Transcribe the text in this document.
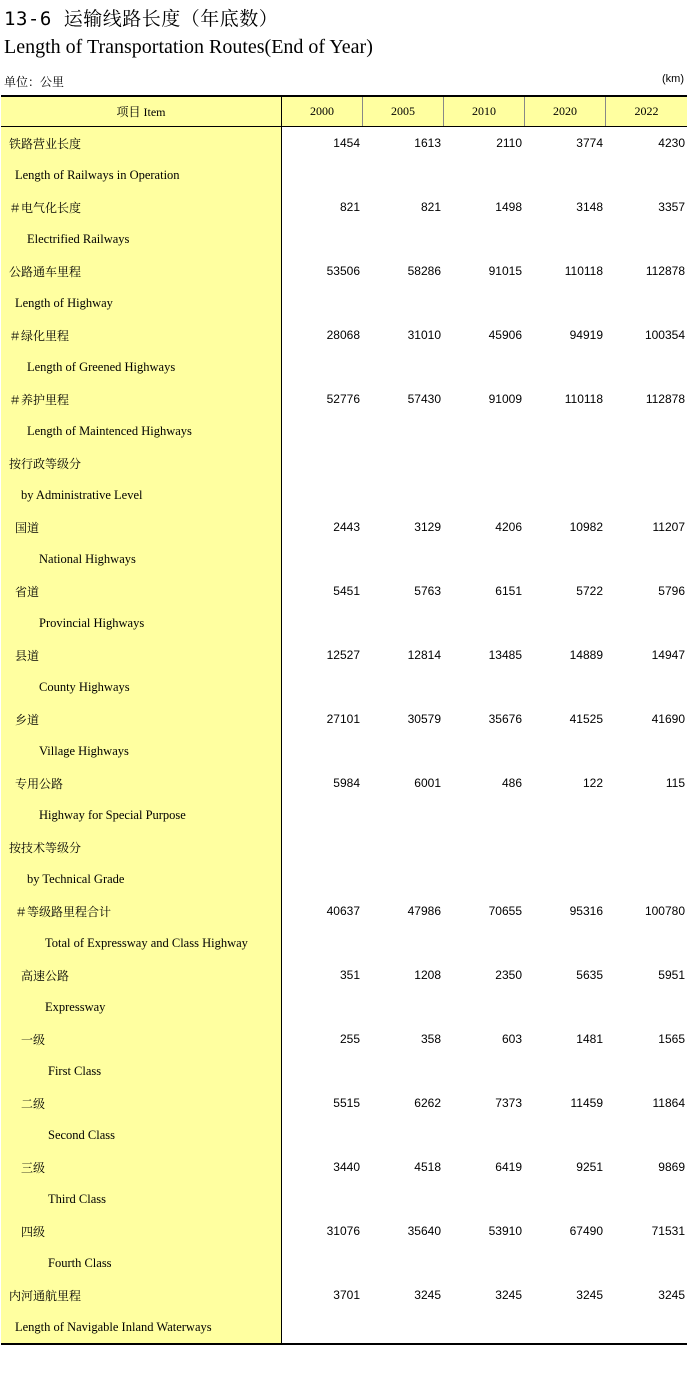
13-6 运输线路长度（年底数）
Length of Transportation Routes(End of Year)
单位：公里	(km)
项目 Item	2000	2005	2010	2020	2022
铁路营业长度	1454	1613	2110	3774	4230
Length of Railways in Operation
＃电气化长度	821	821	1498	3148	3357
Electrified Railways
公路通车里程	53506	58286	91015	110118	112878
Length of Highway
＃绿化里程	28068	31010	45906	94919	100354
Length of Greened Highways
＃养护里程	52776	57430	91009	110118	112878
Length of Maintenced Highways
按行政等级分
by Administrative Level
国道	2443	3129	4206	10982	11207
National Highways
省道	5451	5763	6151	5722	5796
Provincial Highways
县道	12527	12814	13485	14889	14947
County Highways
乡道	27101	30579	35676	41525	41690
Village Highways
专用公路	5984	6001	486	122	115
Highway for Special Purpose
按技术等级分
by Technical Grade
＃等级路里程合计	40637	47986	70655	95316	100780
Total of Expressway and Class Highway
高速公路	351	1208	2350	5635	5951
Expressway
一级	255	358	603	1481	1565
First Class
二级	5515	6262	7373	11459	11864
Second Class
三级	3440	4518	6419	9251	9869
Third Class
四级	31076	35640	53910	67490	71531
Fourth Class
内河通航里程	3701	3245	3245	3245	3245
Length of Navigable Inland Waterways
